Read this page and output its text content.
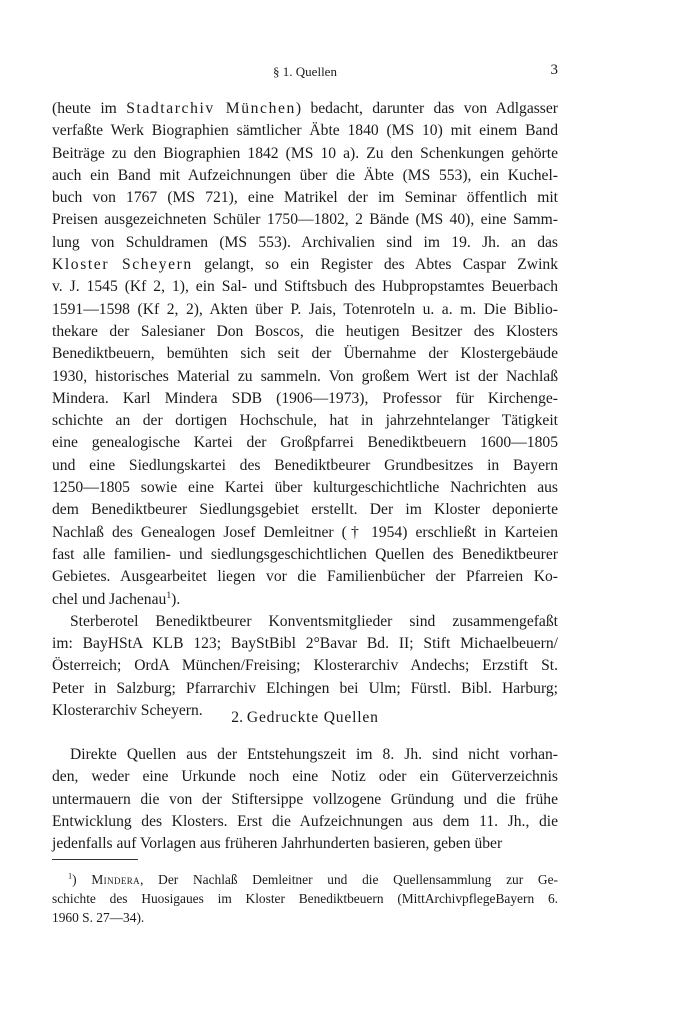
§ 1. Quellen	3
(heute im Stadtarchiv München) bedacht, darunter das von Adlgasser
verfaßte Werk Biographien sämtlicher Äbte 1840 (MS 10) mit einem Band
Beiträge zu den Biographien 1842 (MS 10 a). Zu den Schenkungen gehörte
auch ein Band mit Aufzeichnungen über die Äbte (MS 553), ein Kuchel-
buch von 1767 (MS 721), eine Matrikel der im Seminar öffentlich mit
Preisen ausgezeichneten Schüler 1750—1802, 2 Bände (MS 40), eine Samm-
lung von Schuldramen (MS 553). Archivalien sind im 19. Jh. an das
Kloster Scheyern gelangt, so ein Register des Abtes Caspar Zwink
v. J. 1545 (Kf 2, 1), ein Sal- und Stiftsbuch des Hubpropstamtes Beuerbach
1591—1598 (Kf 2, 2), Akten über P. Jais, Totenroteln u. a. m. Die Biblio-
thekare der Salesianer Don Boscos, die heutigen Besitzer des Klosters
Benediktbeuern, bemühten sich seit der Übernahme der Klostergebäude
1930, historisches Material zu sammeln. Von großem Wert ist der Nachlaß
Mindera. Karl Mindera SDB (1906—1973), Professor für Kirchenge-
schichte an der dortigen Hochschule, hat in jahrzehntelanger Tätigkeit
eine genealogische Kartei der Großpfarrei Benediktbeuern 1600—1805
und eine Siedlungskartei des Benediktbeurer Grundbesitzes in Bayern
1250—1805 sowie eine Kartei über kulturgeschichtliche Nachrichten aus
dem Benediktbeurer Siedlungsgebiet erstellt. Der im Kloster deponierte
Nachlaß des Genealogen Josef Demleitner († 1954) erschließt in Karteien
fast alle familien- und siedlungsgeschichtlichen Quellen des Benediktbeurer
Gebietes. Ausgearbeitet liegen vor die Familienbücher der Pfarreien Ko-
chel und Jachenau$^1$).
Sterberotel Benediktbeurer Konventsmitglieder sind zusammengefaßt
im: BayHStA KLB 123; BayStBibl 2°Bavar Bd. II; Stift Michaelbeuern/
Österreich; OrdA München/Freising; Klosterarchiv Andechs; Erzstift St.
Peter in Salzburg; Pfarrarchiv Elchingen bei Ulm; Fürstl. Bibl. Harburg;
Klosterarchiv Scheyern.	2. Gedruckte Quellen
Direkte Quellen aus der Entstehungszeit im 8. Jh. sind nicht vorhan-
den, weder eine Urkunde noch eine Notiz oder ein Güterverzeichnis
untermauern die von der Stiftersippe vollzogene Gründung und die frühe
Entwicklung des Klosters. Erst die Aufzeichnungen aus dem 11. Jh., die
jedenfalls auf Vorlagen aus früheren Jahrhunderten basieren, geben über
$^1$) Mindera, Der Nachlaß Demleitner und die Quellensammlung zur Ge-
schichte des Huosigaues im Kloster Benediktbeuern (MittArchivpflegeBayern 6.
1960 S. 27—34).
